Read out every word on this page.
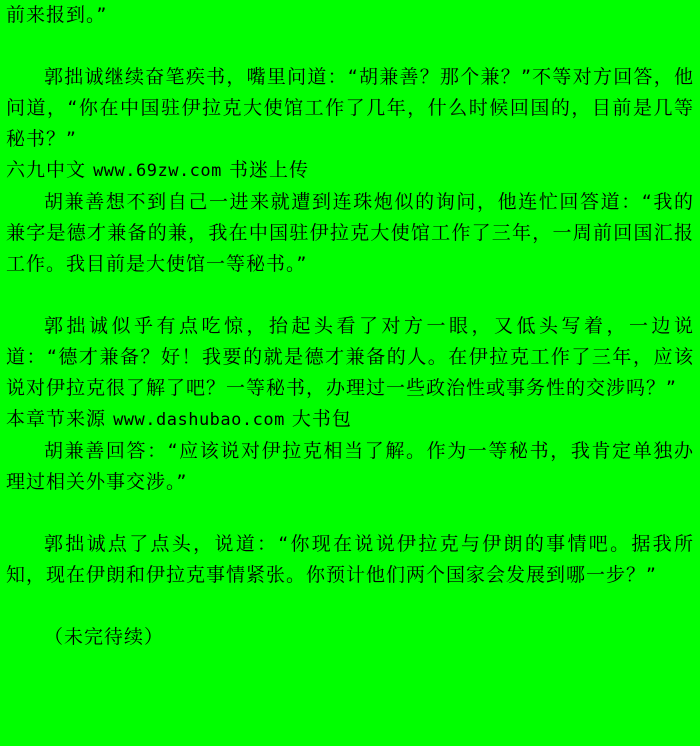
前来报到。”

郭拙诚继续奋笔疾书，嘴里问道：“胡兼善？那个兼？”不等对方回答，他问道，“你在中国驻伊拉克大使馆工作了几年，什么时候回国的，目前是几等秘书？”

六九中文 www.69zw.com 书迷上传

胡兼善想不到自己一进来就遭到连珠炮似的询问，他连忙回答道：“我的兼字是德才兼备的兼，我在中国驻伊拉克大使馆工作了三年，一周前回国汇报工作。我目前是大使馆一等秘书。”

郭拙诚似乎有点吃惊，抬起头看了对方一眼，又低头写着，一边说道：“德才兼备？好！我要的就是德才兼备的人。在伊拉克工作了三年，应该说对伊拉克很了解了吧？一等秘书，办理过一些政治性或事务性的交涉吗？”

本章节来源 www.dashubao.com 大书包

胡兼善回答：“应该说对伊拉克相当了解。作为一等秘书，我肯定单独办理过相关外事交涉。”

郭拙诚点了点头，说道：“你现在说说伊拉克与伊朗的事情吧。据我所知，现在伊朗和伊拉克事情紧张。你预计他们两个国家会发展到哪一步？”

（未完待续）
